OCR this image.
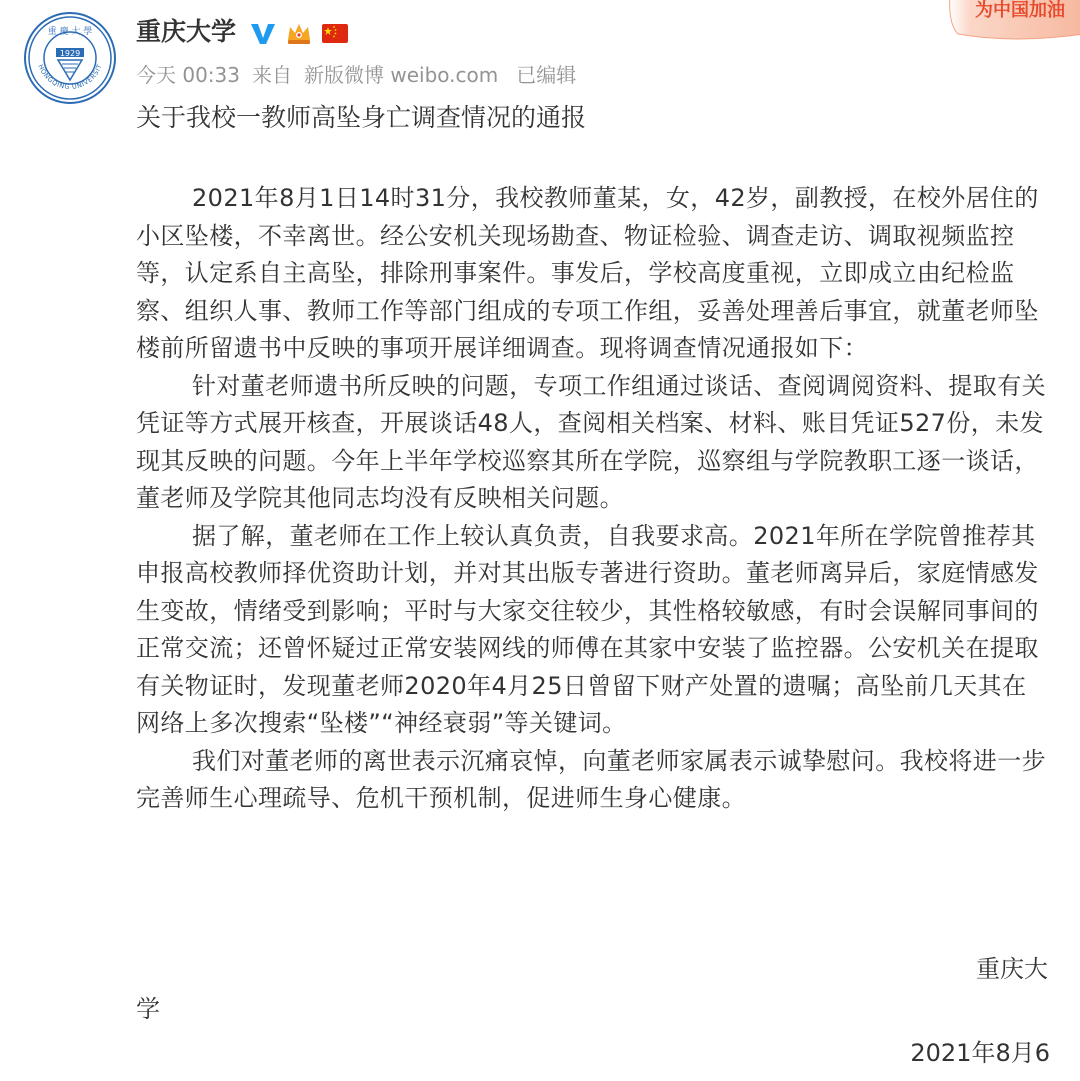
重 慶 大 學
1929
HONGQING UNIVERSIT
重庆大学
今天 00:33 来自 新版微博 weibo.com 已编辑
为中国加油
关于我校一教师高坠身亡调查情况的通报

2021年8月1日14时31分，我校教师董某，女，42岁，副教授，在校外居住的小区坠楼，不幸离世。经公安机关现场勘查、物证检验、调查走访、调取视频监控等，认定系自主高坠，排除刑事案件。事发后，学校高度重视，立即成立由纪检监察、组织人事、教师工作等部门组成的专项工作组，妥善处理善后事宜，就董老师坠楼前所留遗书中反映的事项开展详细调查。现将调查情况通报如下：

针对董老师遗书所反映的问题，专项工作组通过谈话、查阅调阅资料、提取有关凭证等方式展开核查，开展谈话48人，查阅相关档案、材料、账目凭证527份，未发现其反映的问题。今年上半年学校巡察其所在学院，巡察组与学院教职工逐一谈话，董老师及学院其他同志均没有反映相关问题。

据了解，董老师在工作上较认真负责，自我要求高。2021年所在学院曾推荐其申报高校教师择优资助计划，并对其出版专著进行资助。董老师离异后，家庭情感发生变故，情绪受到影响；平时与大家交往较少，其性格较敏感，有时会误解同事间的正常交流；还曾怀疑过正常安装网线的师傅在其家中安装了监控器。公安机关在提取有关物证时，发现董老师2020年4月25日曾留下财产处置的遗嘱；高坠前几天其在网络上多次搜索“坠楼”“神经衰弱”等关键词。

我们对董老师的离世表示沉痛哀悼，向董老师家属表示诚挚慰问。我校将进一步完善师生心理疏导、危机干预机制，促进师生身心健康。

重庆大
学
2021年8月6
